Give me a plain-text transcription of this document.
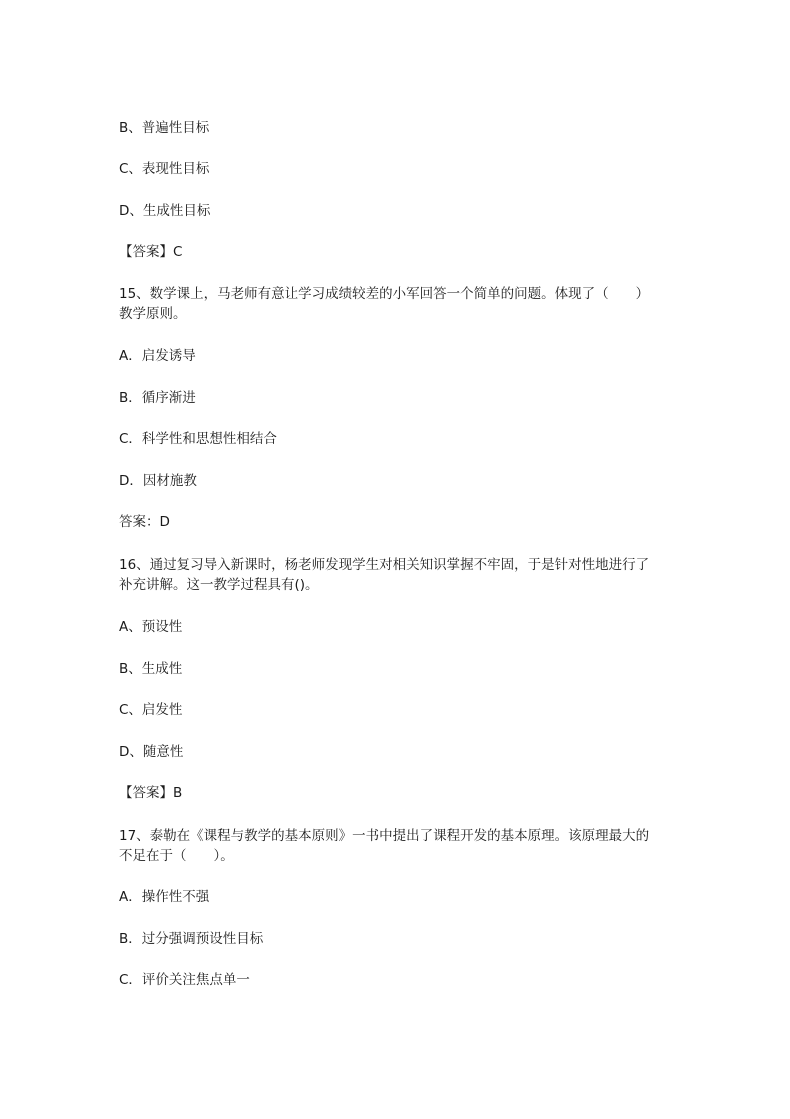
B、普遍性目标
C、表现性目标
D、生成性目标
【答案】C
15、数学课上，马老师有意让学习成绩较差的小军回答一个简单的问题。体现了（　　）
教学原则。
A．启发诱导
B．循序渐进
C．科学性和思想性相结合
D．因材施教
答案：D
16、通过复习导入新课时，杨老师发现学生对相关知识掌握不牢固，于是针对性地进行了
补充讲解。这一教学过程具有()。
A、预设性
B、生成性
C、启发性
D、随意性
【答案】B
17、泰勒在《课程与教学的基本原则》一书中提出了课程开发的基本原理。该原理最大的
不足在于（　　）。
A．操作性不强
B．过分强调预设性目标
C．评价关注焦点单一
